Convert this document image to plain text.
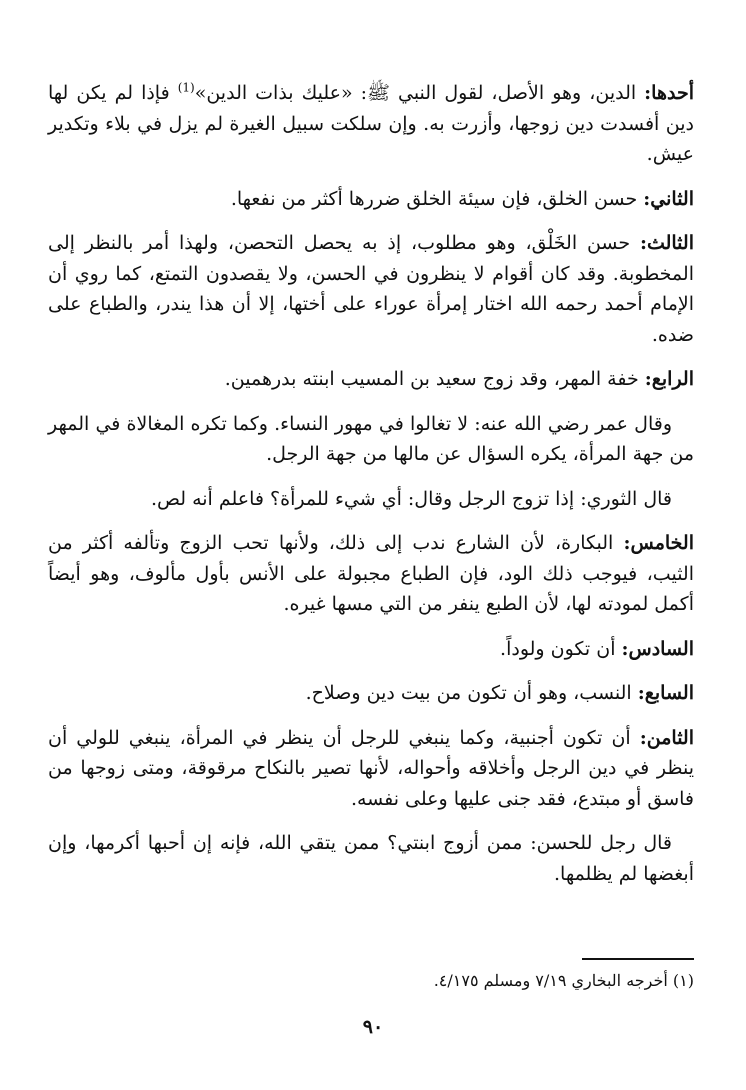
أحدها: الدين، وهو الأصل، لقول النبي ﷺ: «عليك بذات الدين»$^{(1)}$ فإذا لم يكن لها دين أفسدت دين زوجها، وأزرت به. وإن سلكت سبيل الغيرة لم يزل في بلاء وتكدير عيش.

الثاني: حسن الخلق، فإن سيئة الخلق ضررها أكثر من نفعها.

الثالث: حسن الخَلْق، وهو مطلوب، إذ به يحصل التحصن، ولهذا أمر بالنظر إلى المخطوبة. وقد كان أقوام لا ينظرون في الحسن، ولا يقصدون التمتع، كما روي أن الإمام أحمد رحمه الله اختار إمرأة عوراء على أختها، إلا أن هذا يندر، والطباع على ضده.

الرابع: خفة المهر، وقد زوج سعيد بن المسيب ابنته بدرهمين.

وقال عمر رضي الله عنه: لا تغالوا في مهور النساء. وكما تكره المغالاة في المهر من جهة المرأة، يكره السؤال عن مالها من جهة الرجل.

قال الثوري: إذا تزوج الرجل وقال: أي شيء للمرأة؟ فاعلم أنه لص.

الخامس: البكارة، لأن الشارع ندب إلى ذلك، ولأنها تحب الزوج وتألفه أكثر من الثيب، فيوجب ذلك الود، فإن الطباع مجبولة على الأنس بأول مألوف، وهو أيضاً أكمل لمودته لها، لأن الطبع ينفر من التي مسها غيره.

السادس: أن تكون ولوداً.

السابع: النسب، وهو أن تكون من بيت دين وصلاح.

الثامن: أن تكون أجنبية، وكما ينبغي للرجل أن ينظر في المرأة، ينبغي للولي أن ينظر في دين الرجل وأخلاقه وأحواله، لأنها تصير بالنكاح مرقوقة، ومتى زوجها من فاسق أو مبتدع، فقد جنى عليها وعلى نفسه.

قال رجل للحسن: ممن أزوج ابنتي؟ ممن يتقي الله، فإنه إن أحبها أكرمها، وإن أبغضها لم يظلمها.

(١) أخرجه البخاري ٧/١٩ ومسلم ٤/١٧٥.
٩٠
